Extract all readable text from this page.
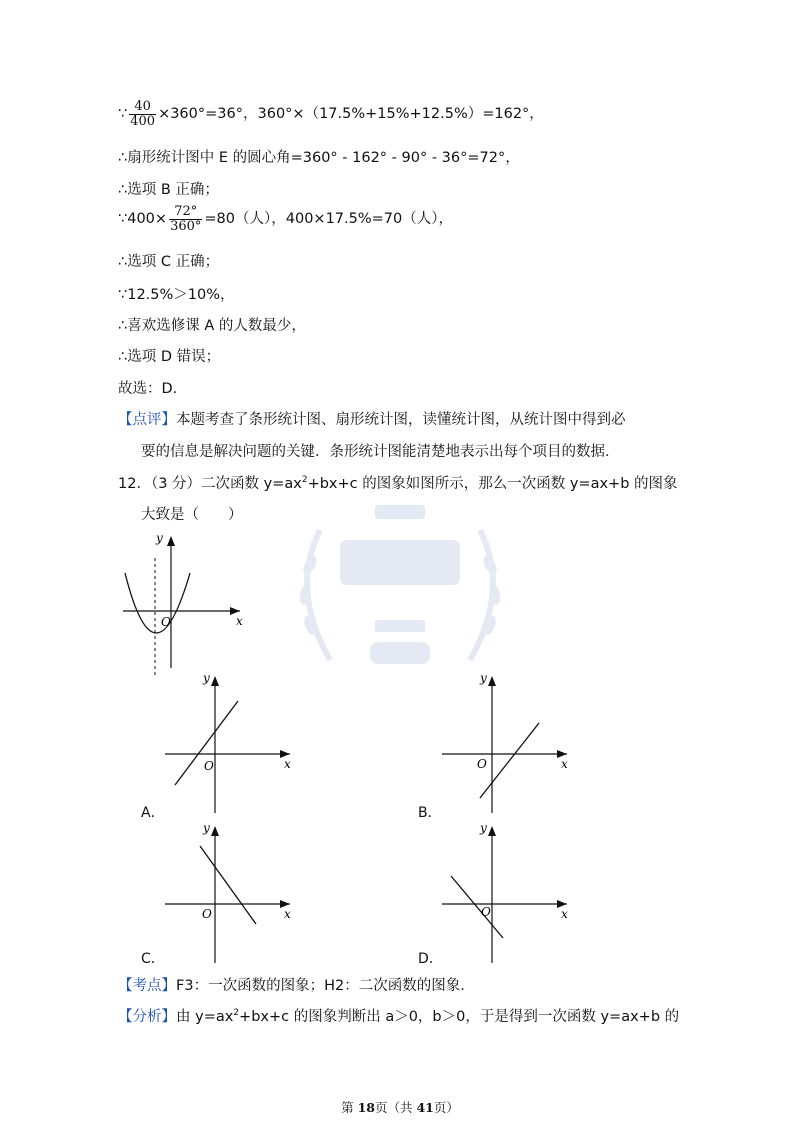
∵ $\frac{40}{400} \times 360^\circ=36^\circ$，360°×（17.5%+15%+12.5%）=162°，
∴扇形统计图中 E 的圆心角=360° - 162° - 90° - 36°=72°，
∴选项 B 正确；
∵400× $\frac{72^\circ}{360^\circ} =80$（人），400×17.5%=70（人），
∴选项 C 正确；
∵12.5%＞10%，
∴喜欢选修课 A 的人数最少，
∴选项 D 错误；
故选：D.
【点评】本题考查了条形统计图、扇形统计图，读懂统计图，从统计图中得到必
要的信息是解决问题的关键．条形统计图能清楚地表示出每个项目的数据．
12．（3 分）二次函数 $y=ax^2+bx+c$ 的图象如图所示，那么一次函数 y=ax+b 的图象
大致是（　　）
O	x
y
O	x
y
A．
O	x
y
B．
O	x
y
C．
O	x
y
D．
【考点】F3：一次函数的图象；H2：二次函数的图象．
【分析】由 $y=ax^2+bx+c$ 的图象判断出 a＞0，b＞0，于是得到一次函数 y=ax+b 的
第 18页（共 41页）
